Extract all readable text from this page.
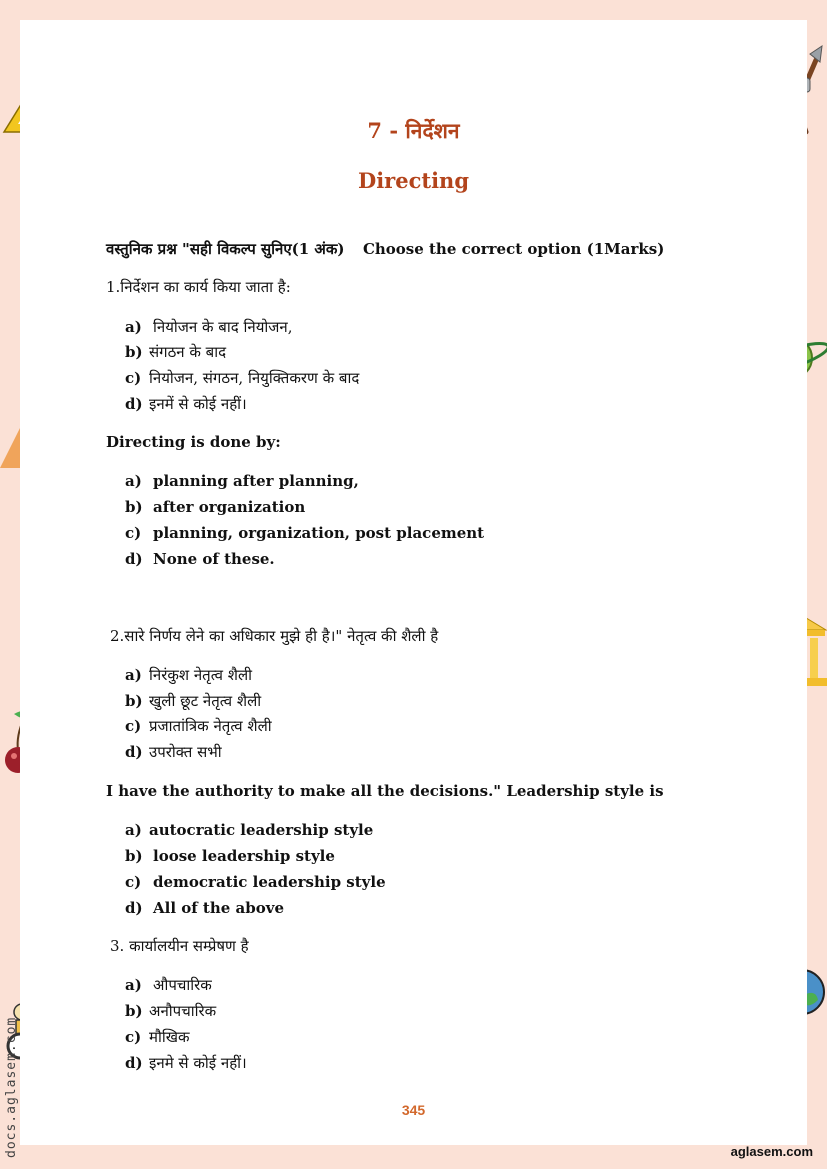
7 - निर्देशन
Directing
वस्तुनिक प्रश्न "सही विकल्प सुनिए(1 अंक) Choose the correct option (1Marks)
1.निर्देशन का कार्य किया जाता है:
a) नियोजन के बाद नियोजन,
b) संगठन के बाद
c) नियोजन, संगठन, नियुक्तिकरण के बाद
d) इनमें से कोई नहीं।
Directing is done by:
a) planning after planning,
b) after organization
c) planning, organization, post placement
d) None of these.
2.सारे निर्णय लेने का अधिकार मुझे ही है।" नेतृत्व की शैली है
a) निरंकुश नेतृत्व शैली
b) खुली छूट नेतृत्व शैली
c) प्रजातांत्रिक नेतृत्व शैली
d) उपरोक्त सभी
I have the authority to make all the decisions." Leadership style is
a) autocratic leadership style
b) loose leadership style
c) democratic leadership style
d) All of the above
3. कार्यालयीन सम्प्रेषण है
a) औपचारिक
b) अनौपचारिक
c) मौखिक
d) इनमे से कोई नहीं।
345
aglasem.com
docs.aglasem.com
